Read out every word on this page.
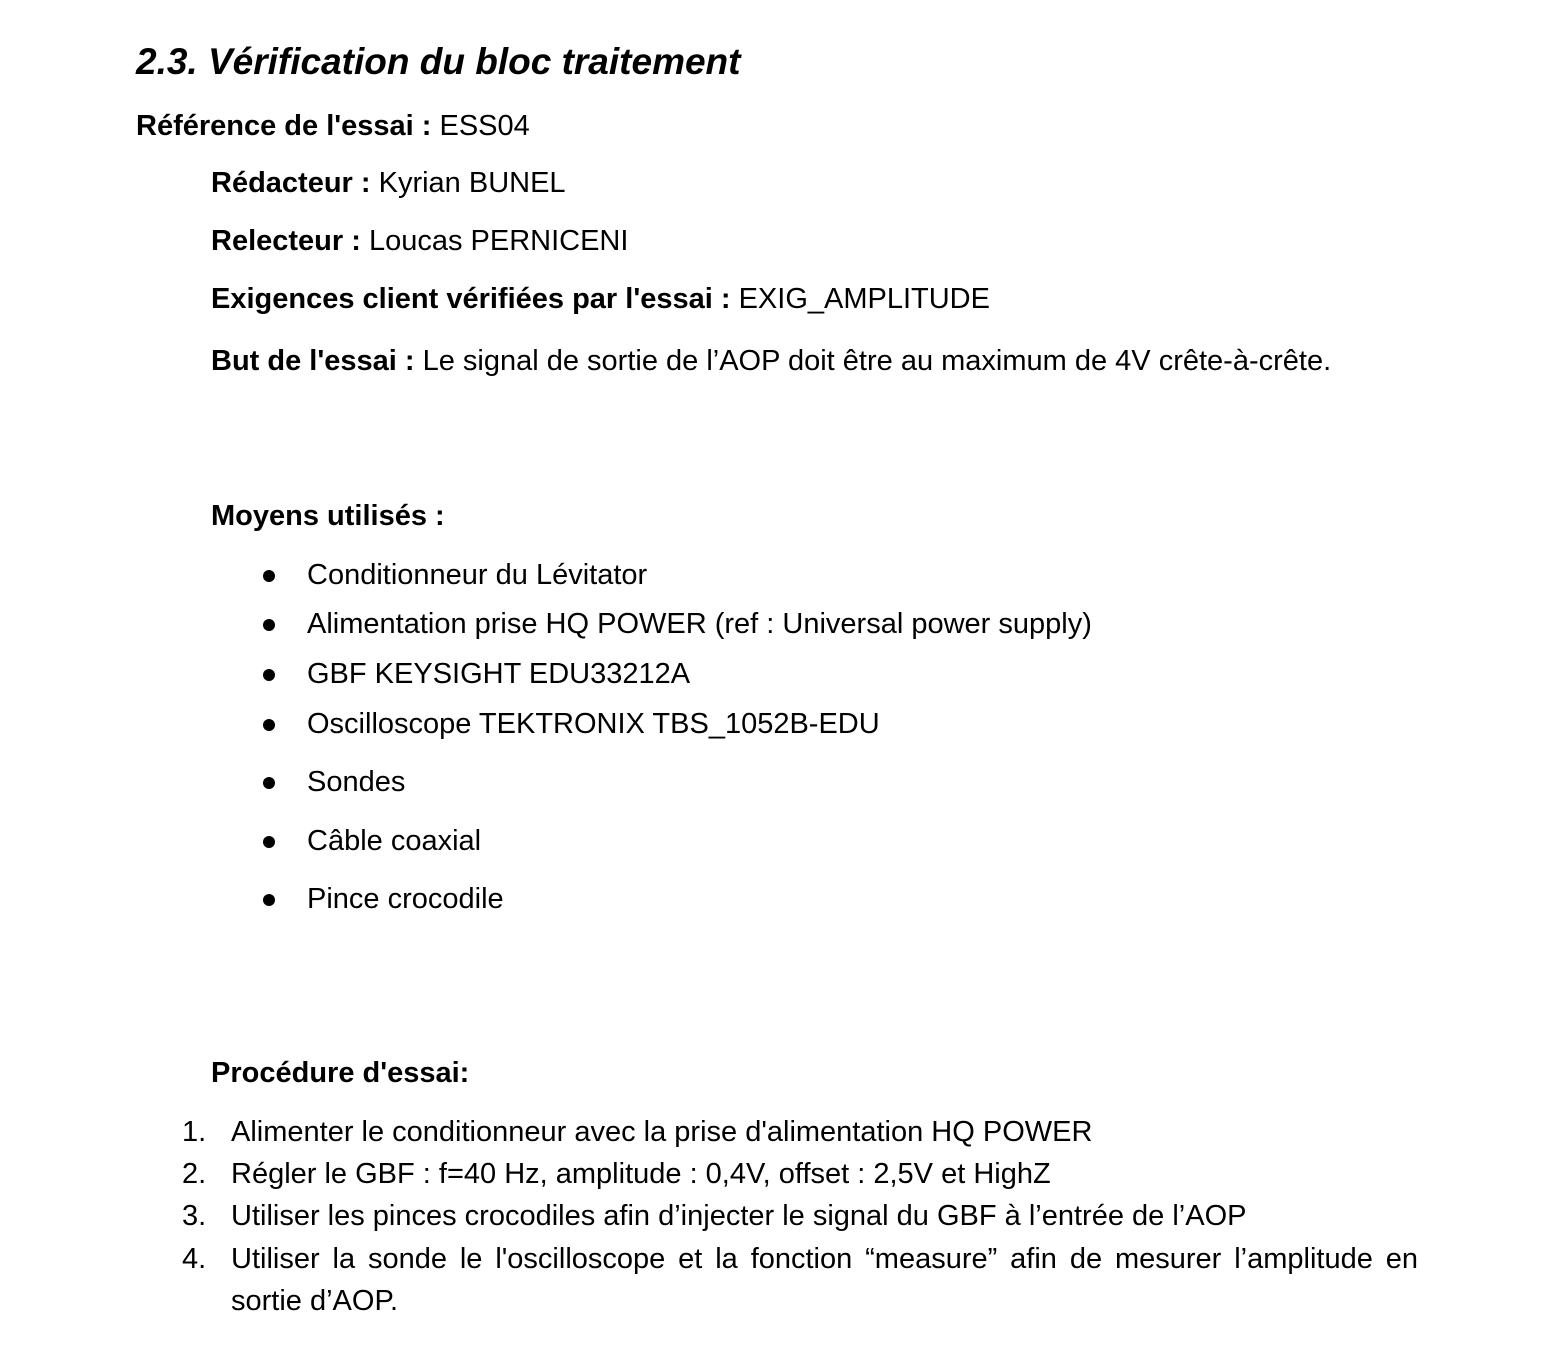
2.3. Vérification du bloc traitement

Référence de l'essai : ESS04

Rédacteur : Kyrian BUNEL

Relecteur : Loucas PERNICENI

Exigences client vérifiées par l'essai : EXIG_AMPLITUDE

But de l'essai : Le signal de sortie de l’AOP doit être au maximum de 4V crête-à-crête.

Moyens utilisés :

Conditionneur du Lévitator
Alimentation prise HQ POWER (ref : Universal power supply)
GBF KEYSIGHT EDU33212A
Oscilloscope TEKTRONIX TBS_1052B-EDU
Sondes
Câble coaxial
Pince crocodile

Procédure d'essai:

1. Alimenter le conditionneur avec la prise d'alimentation HQ POWER
2. Régler le GBF : f=40 Hz, amplitude : 0,4V, offset : 2,5V et HighZ
3. Utiliser les pinces crocodiles afin d’injecter le signal du GBF à l’entrée de l’AOP
4. Utiliser la sonde le l'oscilloscope et la fonction “measure” afin de mesurer l’amplitude en sortie d’AOP.
